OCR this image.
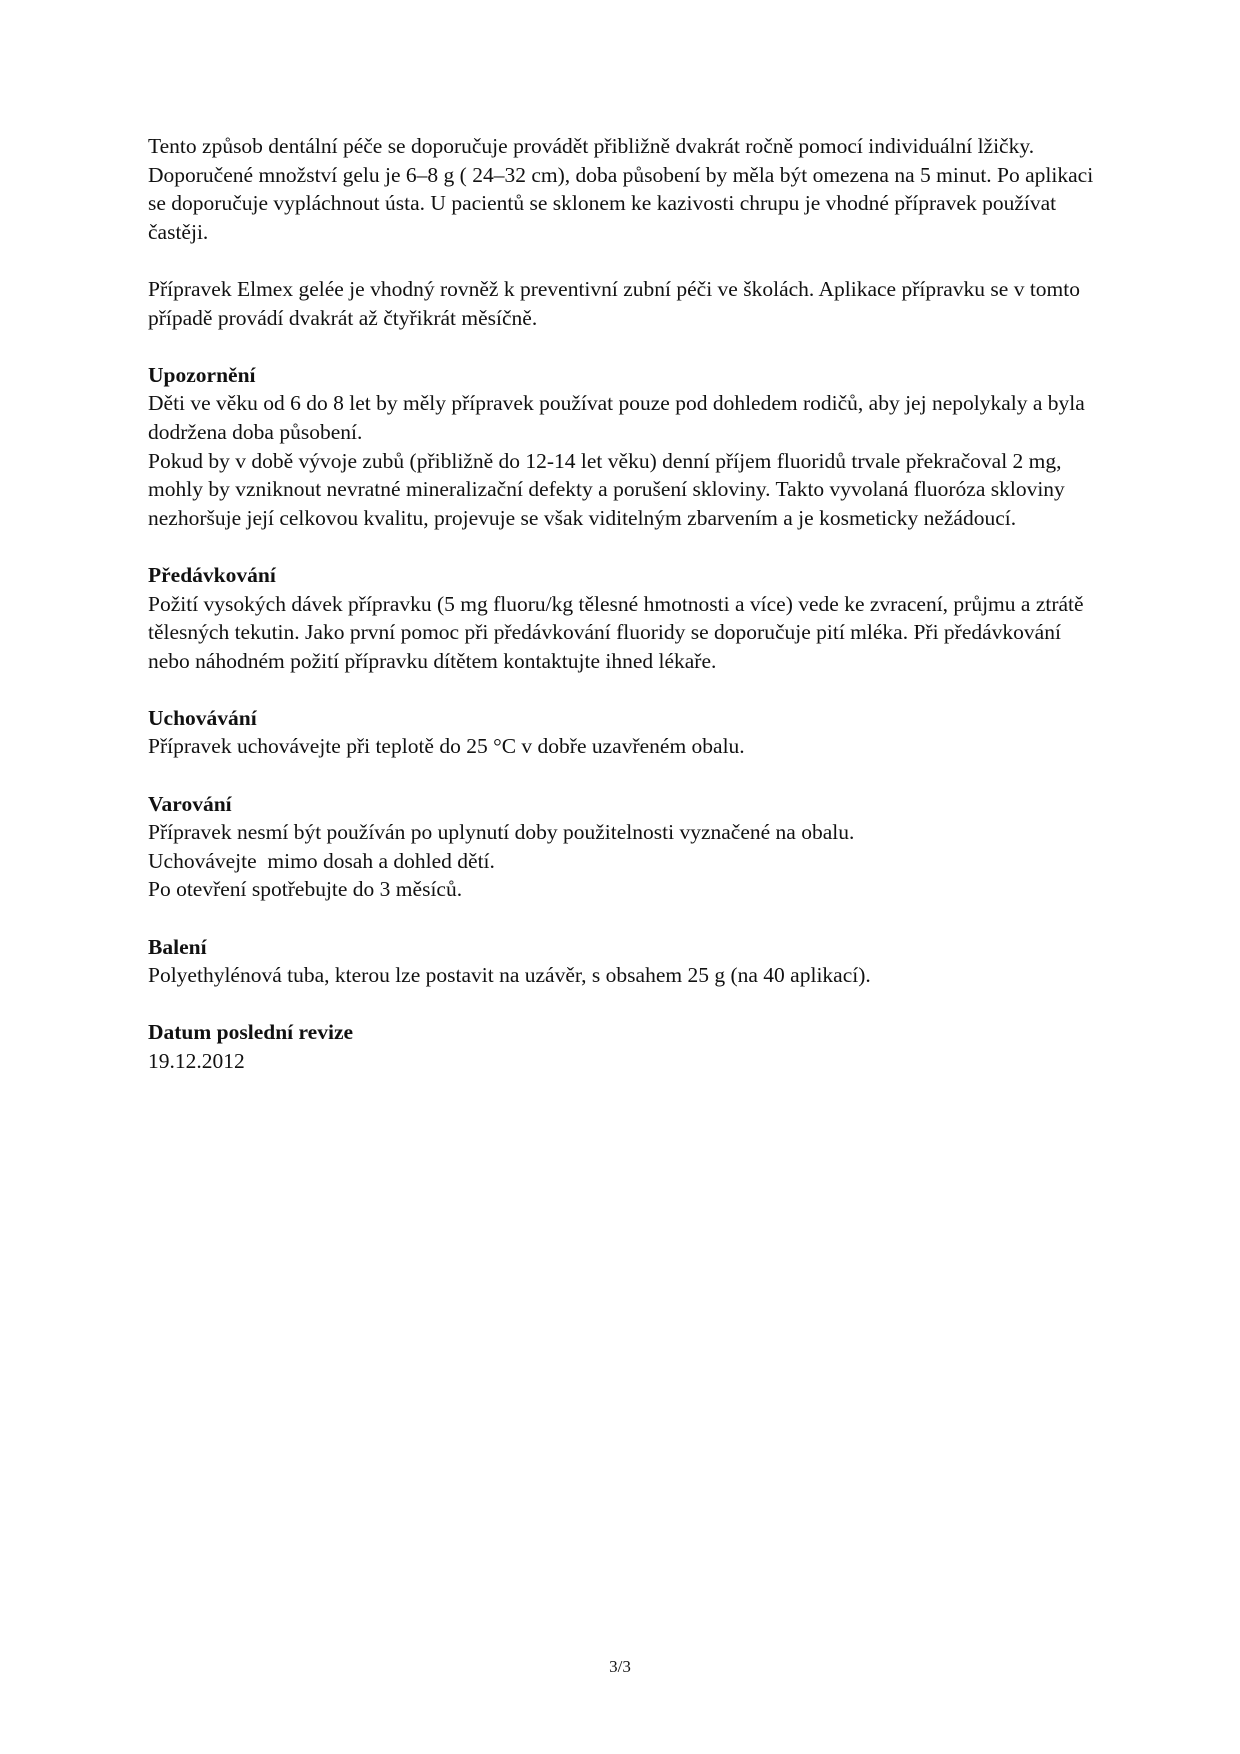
Tento způsob dentální péče se doporučuje provádět přibližně dvakrát ročně pomocí individuální lžičky. Doporučené množství gelu je 6–8 g ( 24–32 cm), doba působení by měla být omezena na 5 minut. Po aplikaci se doporučuje vypláchnout ústa. U pacientů se sklonem ke kazivosti chrupu je vhodné přípravek používat častěji.

Přípravek Elmex gelée je vhodný rovněž k preventivní zubní péči ve školách. Aplikace přípravku se v tomto případě provádí dvakrát až čtyřikrát měsíčně.

Upozornění

Děti ve věku od 6 do 8 let by měly přípravek používat pouze pod dohledem rodičů, aby jej nepolykaly a byla dodržena doba působení.

Pokud by v době vývoje zubů (přibližně do 12-14 let věku) denní příjem fluoridů trvale překračoval 2 mg, mohly by vzniknout nevratné mineralizační defekty a porušení skloviny. Takto vyvolaná fluoróza skloviny nezhoršuje její celkovou kvalitu, projevuje se však viditelným zbarvením a je kosmeticky nežádoucí.

Předávkování

Požití vysokých dávek přípravku (5 mg fluoru/kg tělesné hmotnosti a více) vede ke zvracení, průjmu a ztrátě tělesných tekutin. Jako první pomoc při předávkování fluoridy se doporučuje pití mléka. Při předávkování nebo náhodném požití přípravku dítětem kontaktujte ihned lékaře.

Uchovávání

Přípravek uchovávejte při teplotě do 25 °C v dobře uzavřeném obalu.

Varování

Přípravek nesmí být používán po uplynutí doby použitelnosti vyznačené na obalu.
Uchovávejte  mimo dosah a dohled dětí.
Po otevření spotřebujte do 3 měsíců.

Balení

Polyethylénová tuba, kterou lze postavit na uzávěr, s obsahem 25 g (na 40 aplikací).

Datum poslední revize

19.12.2012
3/3
